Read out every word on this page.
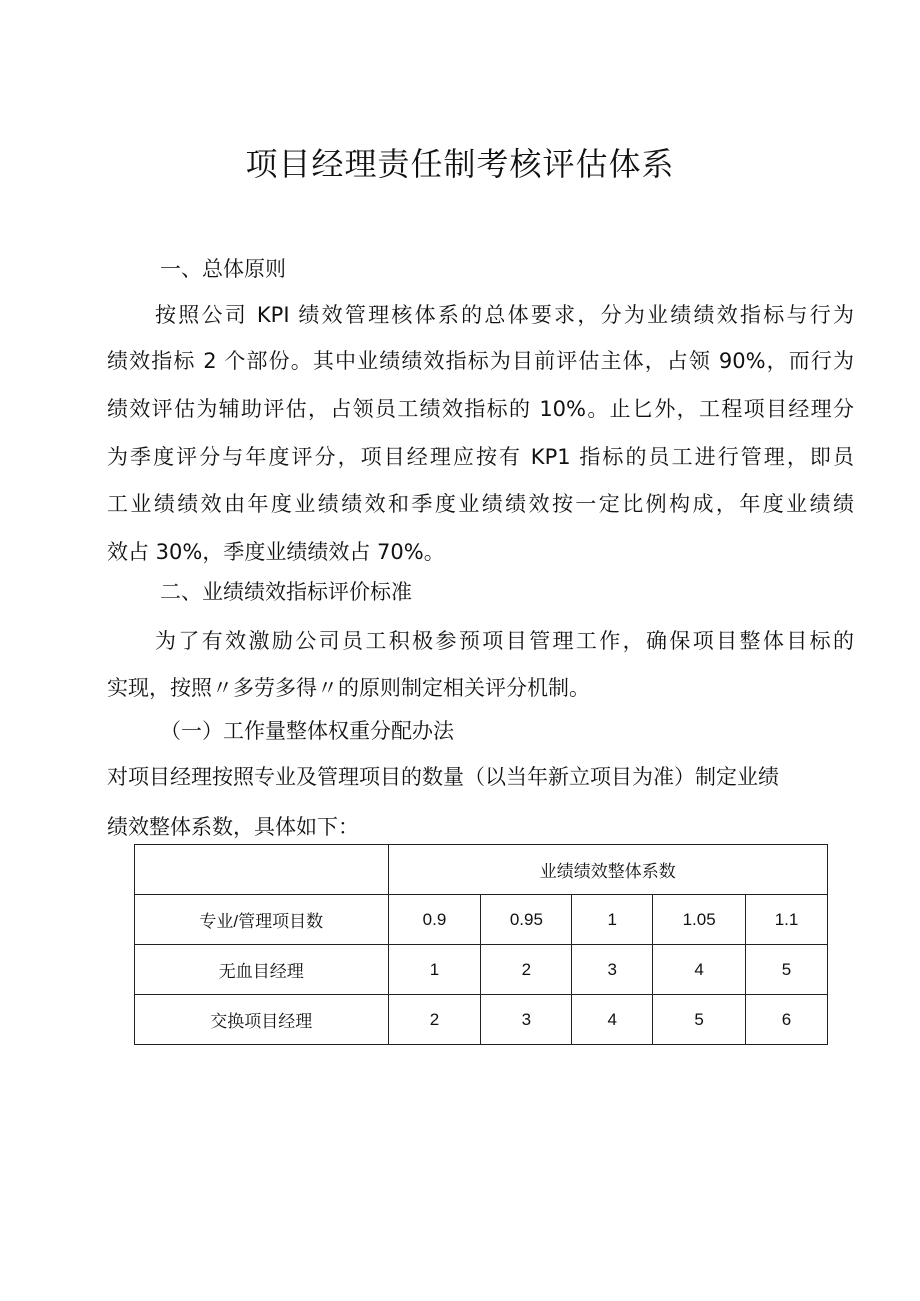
项目经理责任制考核评估体系

一、总体原则

按照公司 KPI 绩效管理核体系的总体要求，分为业绩绩效指标与行为

绩效指标 2 个部份。其中业绩绩效指标为目前评估主体，占领 90%，而行为

绩效评估为辅助评估，占领员工绩效指标的 10%。止匕外，工程项目经理分

为季度评分与年度评分，项目经理应按有 KP1 指标的员工进行管理，即员

工业绩绩效由年度业绩绩效和季度业绩绩效按一定比例构成，年度业绩绩

效占 30%，季度业绩绩效占 70%。

二、业绩绩效指标评价标准

为了有效激励公司员工积极参预项目管理工作，确保项目整体目标的

实现，按照〃多劳多得〃的原则制定相关评分机制。

（一）工作量整体权重分配办法

对项目经理按照专业及管理项目的数量（以当年新立项目为准）制定业绩

绩效整体系数，具体如下：

	业绩绩效整体系数				
专业/管理项目数	0.9	0.95	1	1.05	1.1
无血目经理	1	2	3	4	5
交换项目经理	2	3	4	5	6
